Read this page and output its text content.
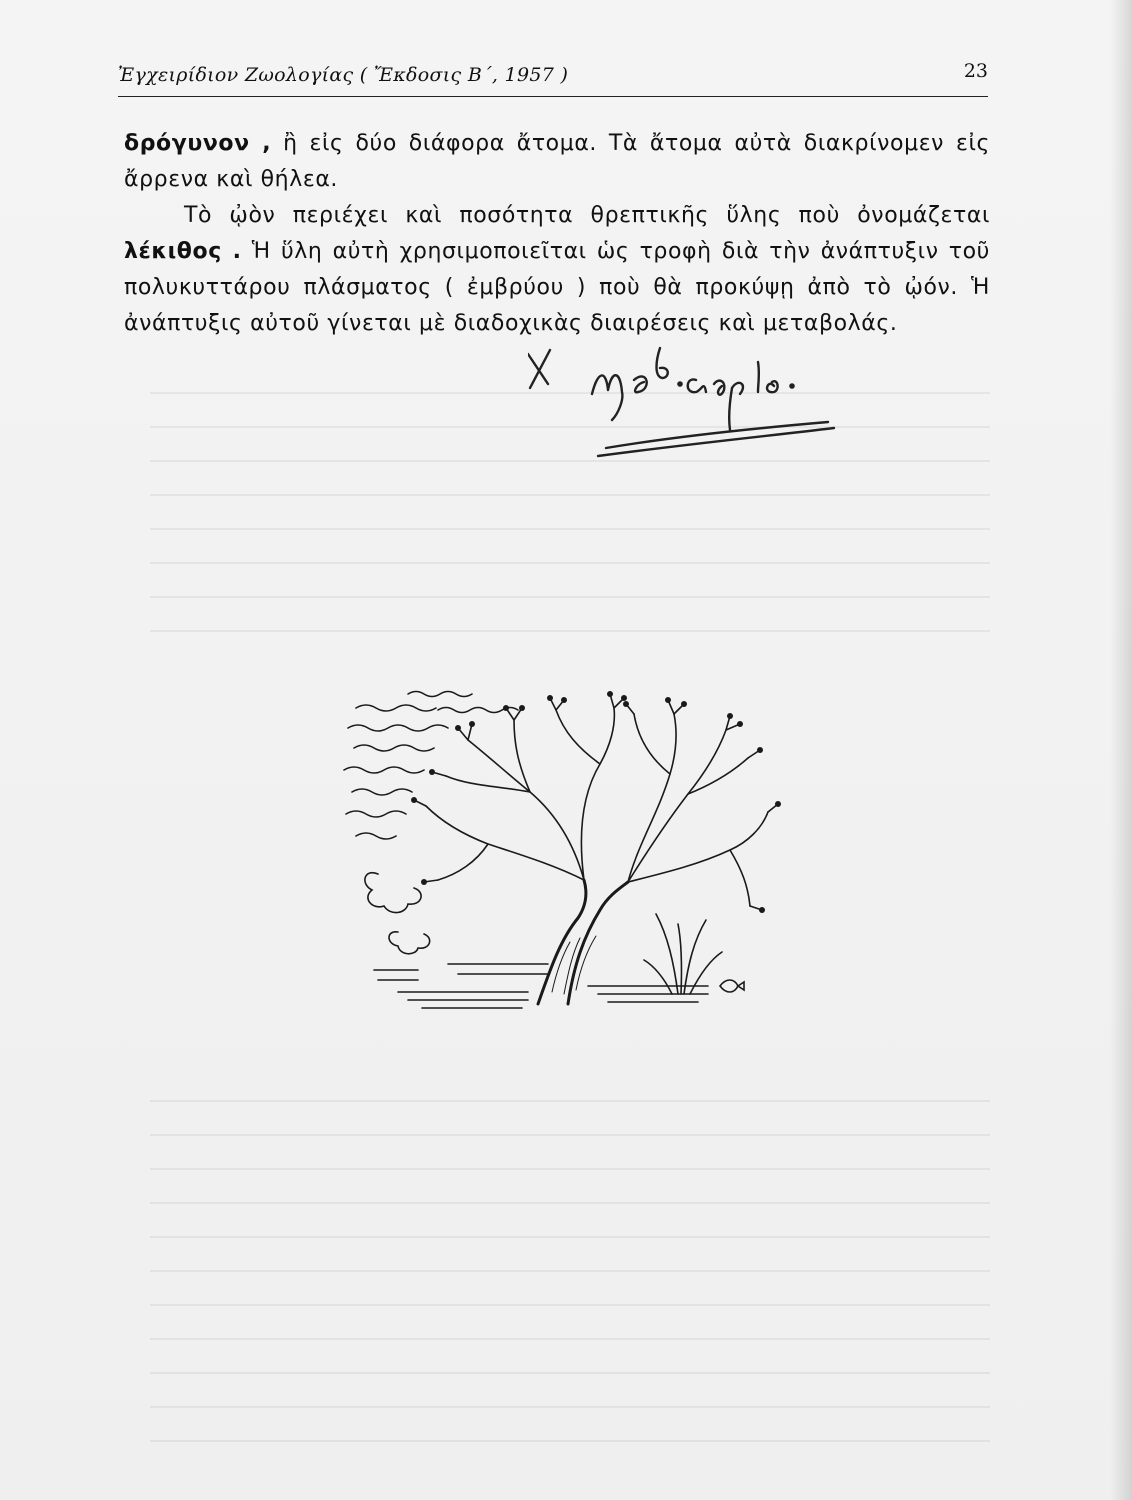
Ἐγχειρίδιον Ζωολογίας ( Ἔκδοσις Β΄, 1957 )	23

δρόγυνον , ἢ εἰς δύο διάφορα ἄτομα. Τὰ ἄτομα αὐτὰ διακρίνομεν εἰς ἄρρενα καὶ θήλεα.

Τὸ ᾠὸν περιέχει καὶ ποσότητα θρεπτικῆς ὕλης ποὺ ὀνομάζεται λέκιθος . Ἡ ὕλη αὐτὴ χρησιμοποιεῖται ὡς τροφὴ διὰ τὴν ἀνάπτυξιν τοῦ πολυκυττάρου πλάσματος ( ἐμβρύου ) ποὺ θὰ προκύψῃ ἀπὸ τὸ ᾠόν. Ἡ ἀνάπτυξις αὐτοῦ γίνεται μὲ διαδοχικὰς διαιρέσεις καὶ μεταβολάς.
